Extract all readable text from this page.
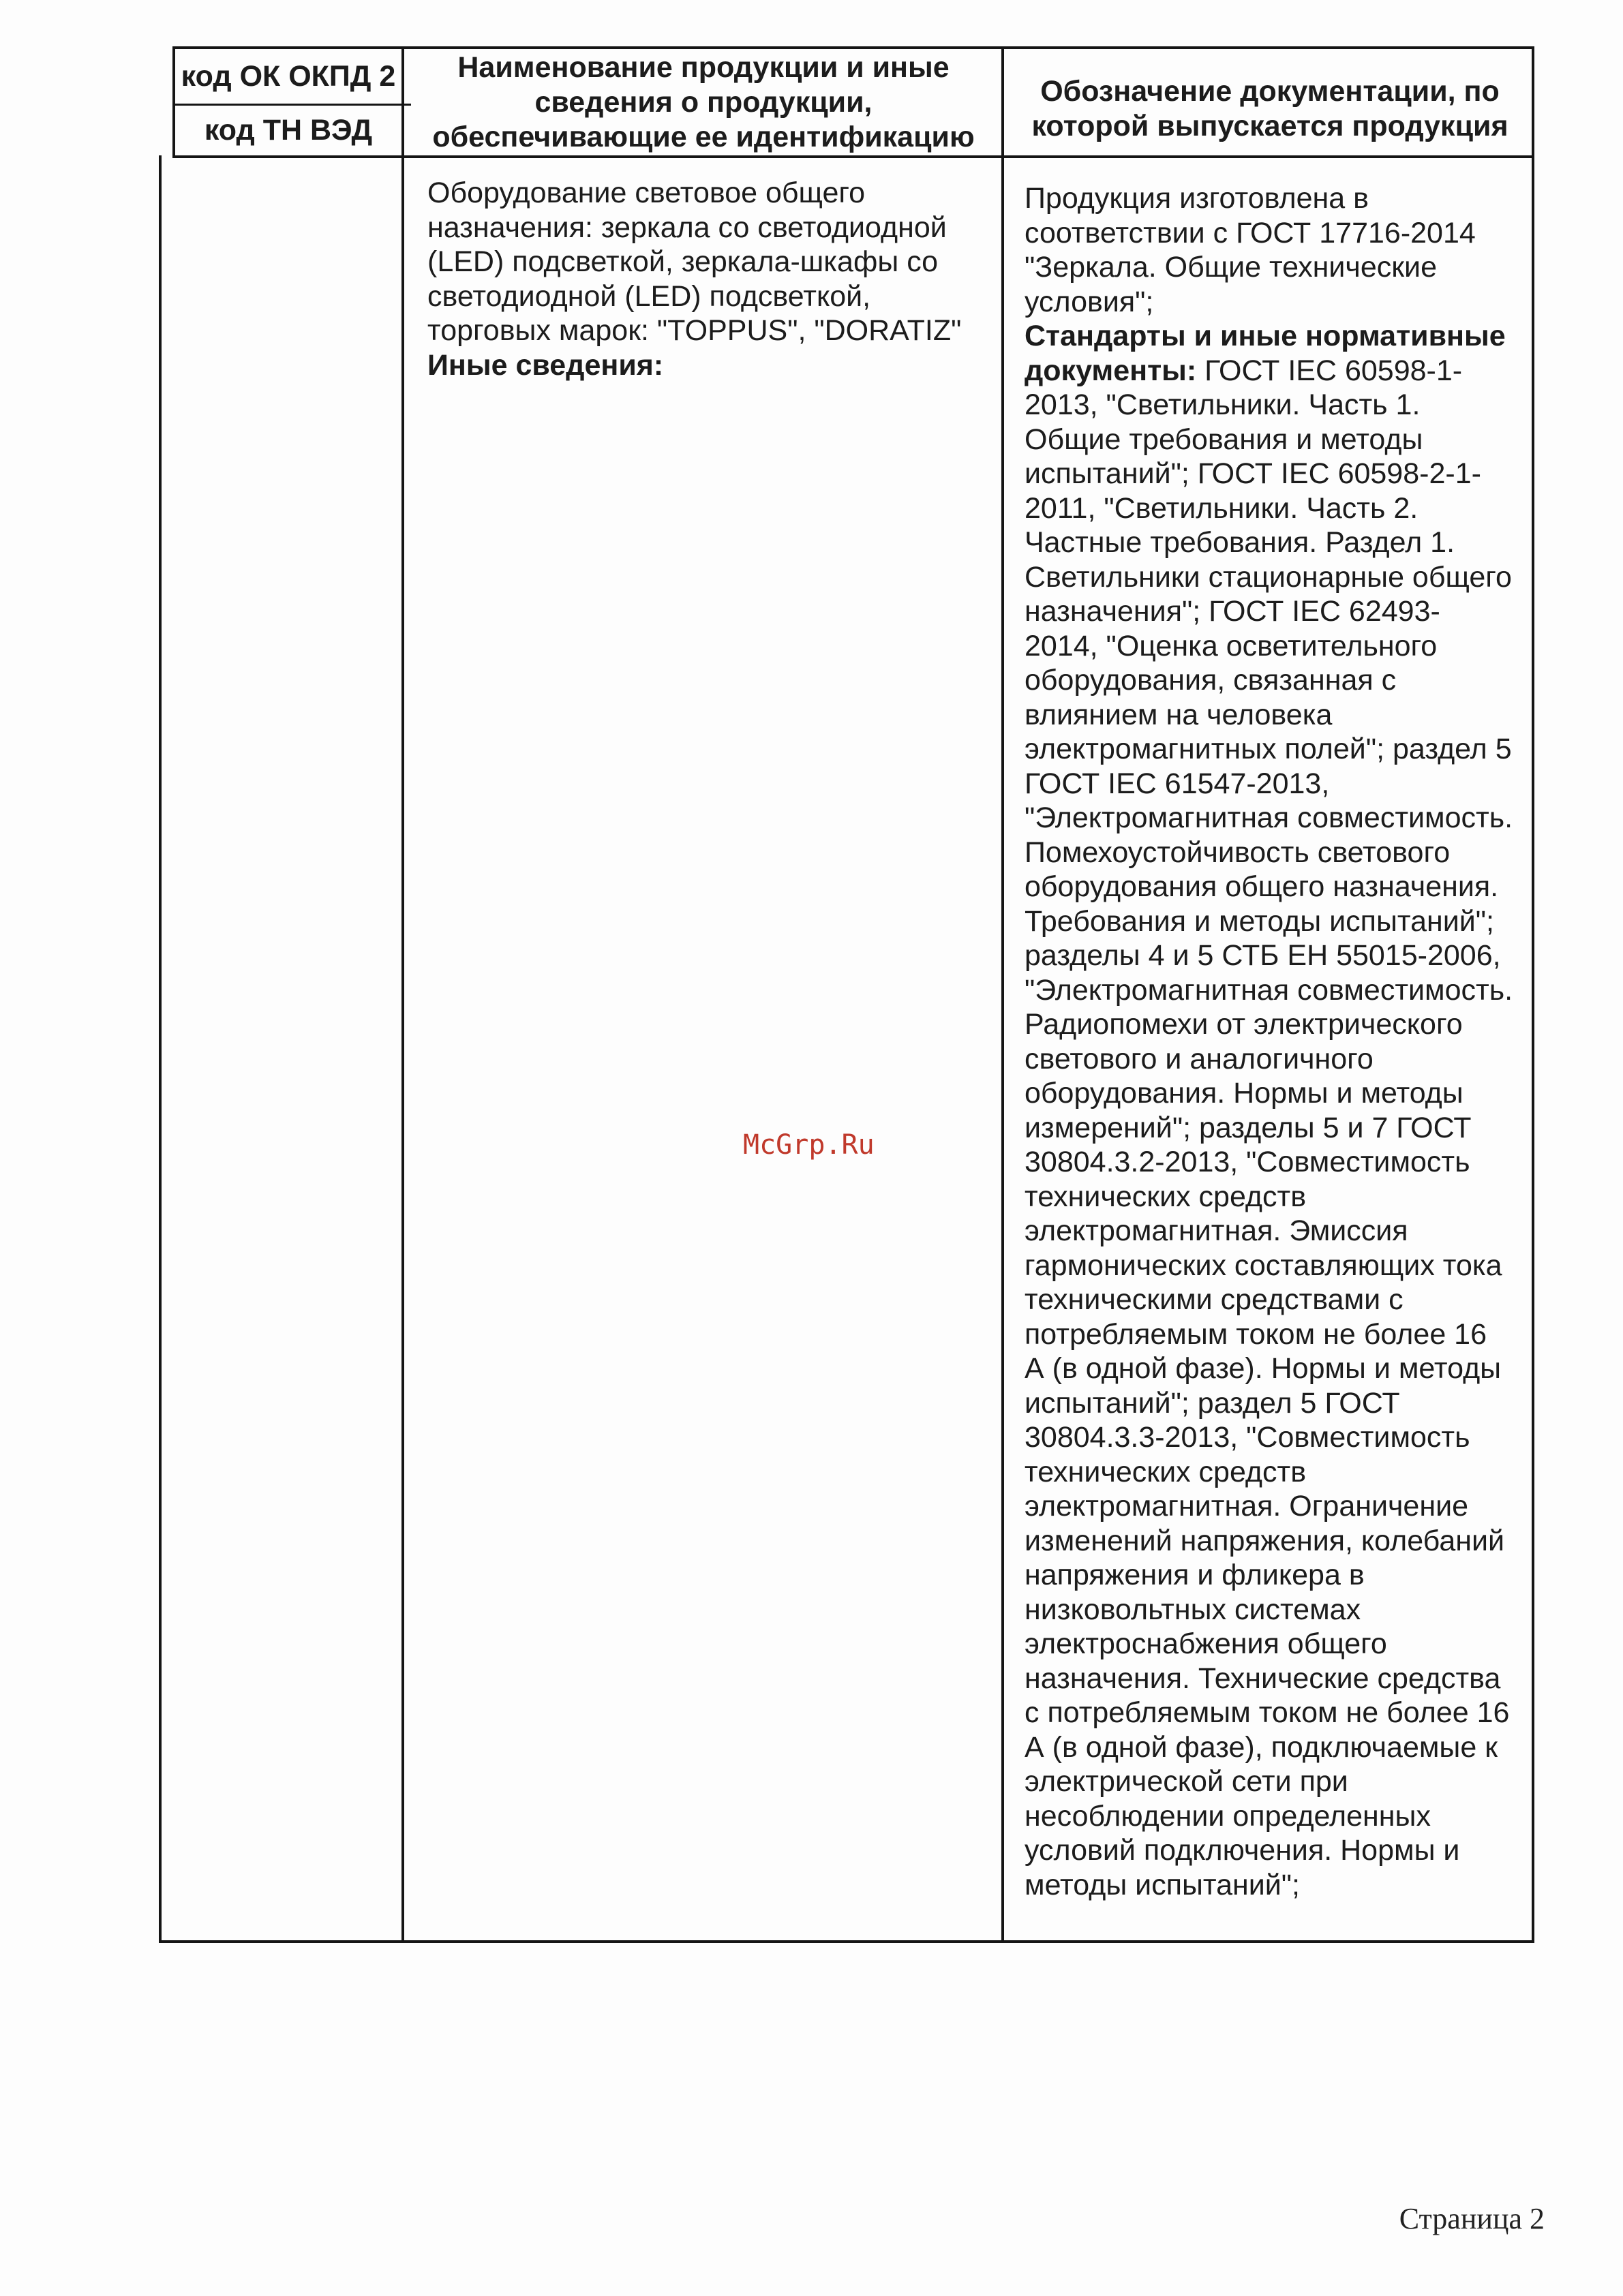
код ОК ОКПД 2
код ТН ВЭД
Наименование продукции и иные сведения о продукции, обеспечивающие ее идентификацию
Обозначение документации, по которой выпускается продукция
Оборудование световое общего
назначения: зеркала со светодиодной
(LED) подсветкой, зеркала-шкафы со
светодиодной (LED) подсветкой,
торговых марок: "TOPPUS", "DORATIZ"
Иные сведения:
Продукция изготовлена в
соответствии с ГОСТ 17716-2014
"Зеркала. Общие технические
условия";
Стандарты и иные нормативные
документы: ГОСТ IEC 60598-1-
2013, "Светильники. Часть 1.
Общие требования и методы
испытаний"; ГОСТ IEC 60598-2-1-
2011, "Светильники. Часть 2.
Частные требования. Раздел 1.
Светильники стационарные общего
назначения"; ГОСТ IEC 62493-
2014, "Оценка осветительного
оборудования, связанная с
влиянием на человека
электромагнитных полей"; раздел 5
ГОСТ IEC 61547-2013,
"Электромагнитная совместимость.
Помехоустойчивость светового
оборудования общего назначения.
Требования и методы испытаний";
разделы 4 и 5 СТБ ЕН 55015-2006,
"Электромагнитная совместимость.
Радиопомехи от электрического
светового и аналогичного
оборудования. Нормы и методы
измерений"; разделы 5 и 7 ГОСТ
30804.3.2-2013, "Совместимость
технических средств
электромагнитная. Эмиссия
гармонических составляющих тока
техническими средствами с
потребляемым током не более 16
А (в одной фазе). Нормы и методы
испытаний"; раздел 5 ГОСТ
30804.3.3-2013, "Совместимость
технических средств
электромагнитная. Ограничение
изменений напряжения, колебаний
напряжения и фликера в
низковольтных системах
электроснабжения общего
назначения. Технические средства
с потребляемым током не более 16
А (в одной фазе), подключаемые к
электрической сети при
несоблюдении определенных
условий подключения. Нормы и
методы испытаний";
McGrp.Ru
Страница 2
